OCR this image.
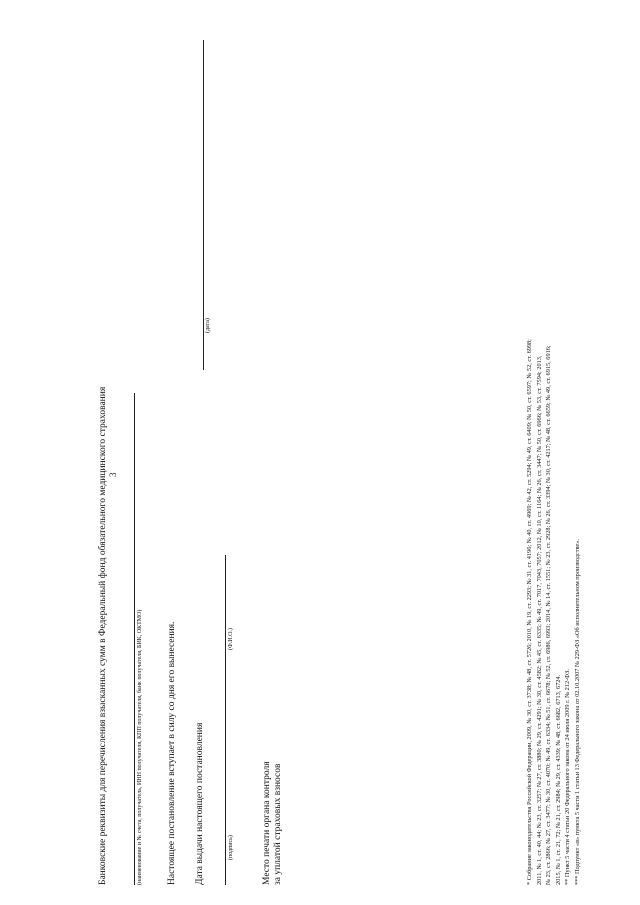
3
Банковские реквизиты для перечисления взысканных сумм в Федеральный фонд обязательного медицинского страхования	(наименование и № счета, получатель, ИНН получателя, КПП получателя, банк получателя, БИК, ОКТМО)	Настоящее постановление вступает в силу со дня его вынесения. Дата выдачи настоящего постановления
(дата)
Место печати органа контроля за уплатой страховых взносов
(подпись)
(Ф.И.О.)	* Собрание законодательства Российской Федерации, 2009, № 30, ст. 3738; № 48, ст. 5726; 2010, № 19, ст. 2293; № 31, ст. 4196; № 40, ст. 4969; № 42, ст. 5294; № 49, ст. 6409; № 50, ст. 6597; № 52, ст. 6998; 2011, № 1, ст. 40, 44; № 23, ст. 3257; № 27, ст. 3880; № 29, ст. 4291; № 30, ст. 4582; № 45, ст. 6335; № 49, ст. 7017, 7043, 7057; 2012, № 10, ст. 1164; № 26, ст. 3447; № 50, ст. 6966; № 53, ст. 7594; 2013, № 23, ст. 2866; № 27, ст. 3477; № 30, ст. 4070; № 49, ст. 6334; № 51, ст. 6678; № 52, ст. 6986, 6993; 2014, № 14, ст. 1551; № 23, ст. 2928; № 26, ст. 3394; № 30, ст. 4217; № 48, ст. 6659; № 49, ст. 6915, 6916; 2015, № 1, ст. 21, 72; № 21, ст. 2984; № 29, ст. 4339; № 48, ст. 6682, 6713, 6724. ** Пункт 5 части 4 статьи 20 Федерального закона от 24 июля 2009 г. № 212-ФЗ. *** Подпункт «в» пункта 5 части 1 статьи 13 Федерального закона от 02.10.2007 № 229-ФЗ «Об исполнительном производстве».
